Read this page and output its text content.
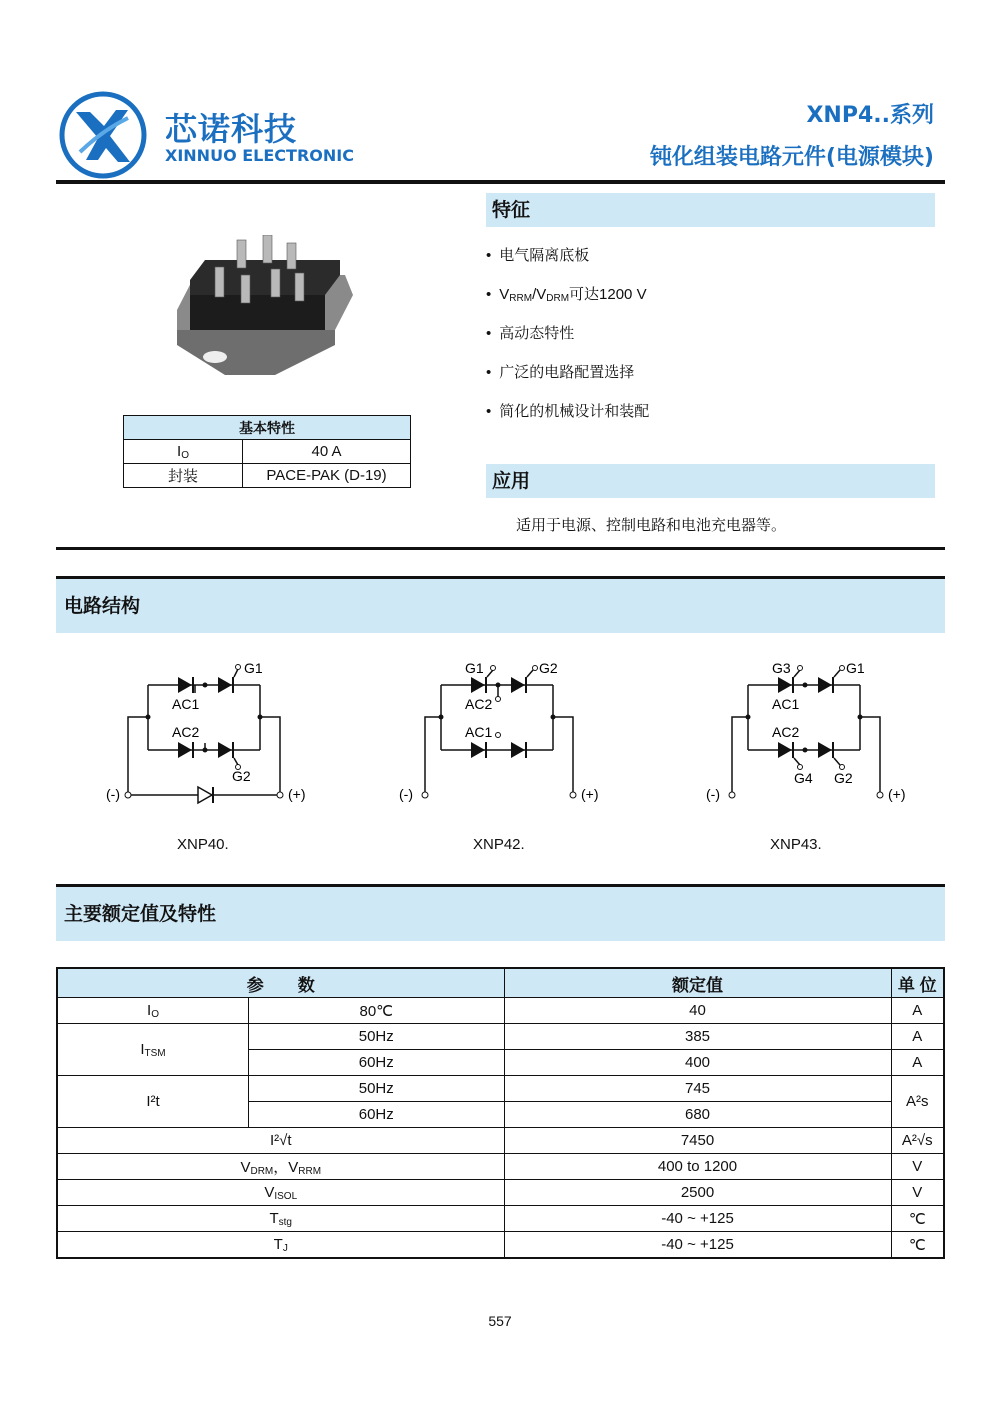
芯诺科技
XINNUO ELECTRONIC
XNP4..系列
钝化组装电路元件(电源模块)
基本特性	
$I_O$	40 A
封装	PACE-PAK (D-19)
特征
• 电气隔离底板
• $V_{RRM}/V_{DRM}$可达1200 V
• 高动态特性
• 广泛的电路配置选择
• 简化的机械设计和装配
应用
适用于电源、控制电路和电池充电器等。
电路结构
G1
G2
AC1
AC2
(-)	(+)
G1	G2
AC2
AC1
(-)	(+)
G3	G1
AC1
AC2
G4 G2
(-)	(+)
XNP40.	XNP42.	XNP43.
主要额定值及特性
参　　数		额定值	单 位
$I_O$	80℃	40	A
$I_{TSM}$	50Hz	385	A
	60Hz	400	A
I²t	50Hz	745	A²s
	60Hz	680	
I²√t		7450	A²√s
$V_{DRM}$，$V_{RRM}$		400 to 1200	V
$V_{ISOL}$		2500	V
$T_{stg}$		-40 ~ +125	℃
$T_J$		-40 ~ +125	℃
557
